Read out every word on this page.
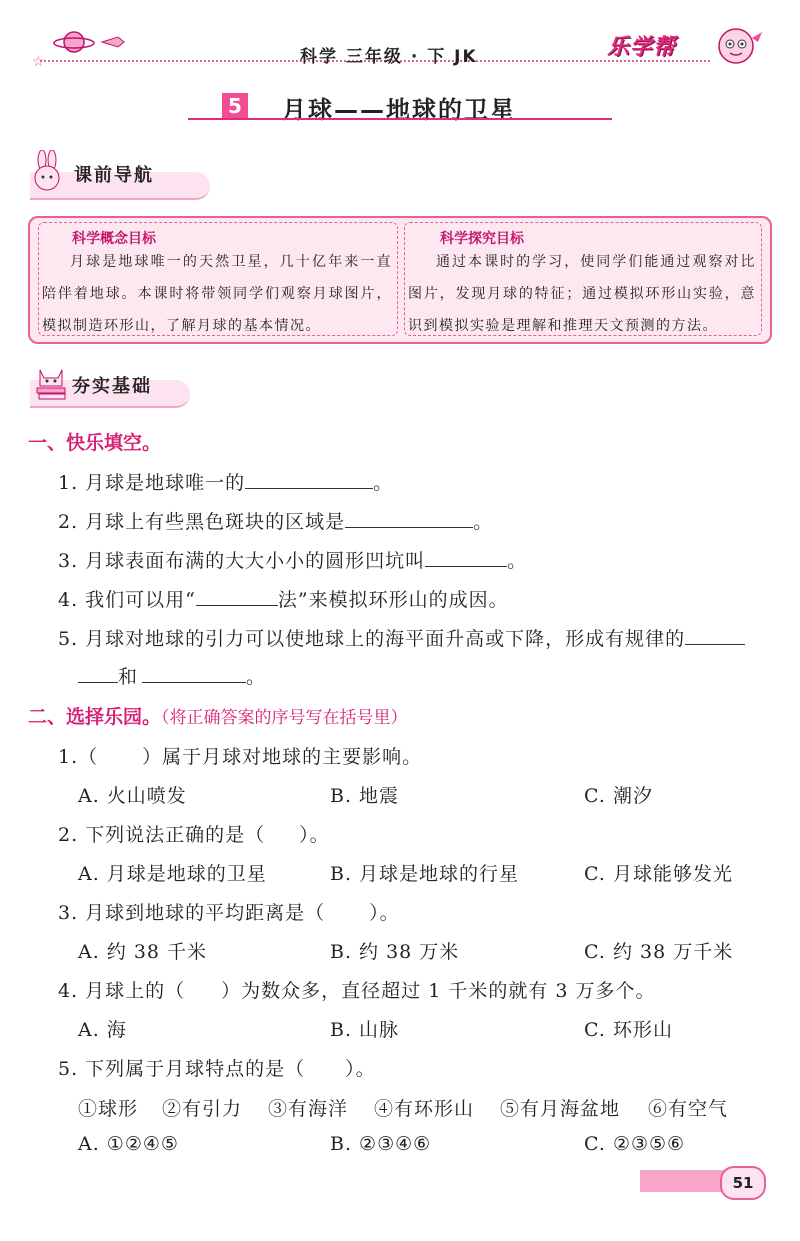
☆	科学 三年级 · 下 JK	乐学帮
5 月球——地球的卫星
课前导航
科学概念目标
月球是地球唯一的天然卫星，几十亿年来一直陪伴着地球。本课时将带领同学们观察月球图片，模拟制造环形山，了解月球的基本情况。
科学探究目标
通过本课时的学习，使同学们能通过观察对比图片，发现月球的特征；通过模拟环形山实验，意识到模拟实验是理解和推理天文预测的方法。
夯实基础
一、快乐填空。
1. 月球是地球唯一的	。
2. 月球上有些黑色斑块的区域是	。
3. 月球表面布满的大大小小的圆形凹坑叫	。
4. 我们可以用“	法”来模拟环形山的成因。
5. 月球对地球的引力可以使地球上的海平面升高或下降，形成有规律的
和	。
二、选择乐园。（将正确答案的序号写在括号里）
1.（ ）属于月球对地球的主要影响。
A. 火山喷发	B. 地震	C. 潮汐
2. 下列说法正确的是（ ）。
A. 月球是地球的卫星	B. 月球是地球的行星	C. 月球能够发光
3. 月球到地球的平均距离是（ ）。
A. 约 38 千米	B. 约 38 万米	C. 约 38 万千米
4. 月球上的（ ）为数众多，直径超过 1 千米的就有 3 万多个。
A. 海	B. 山脉	C. 环形山
5. 下列属于月球特点的是（ ）。
①球形 ②有引力 ③有海洋 ④有环形山 ⑤有月海盆地 ⑥有空气
A. ①②④⑤	B. ②③④⑥	C. ②③⑤⑥
51
